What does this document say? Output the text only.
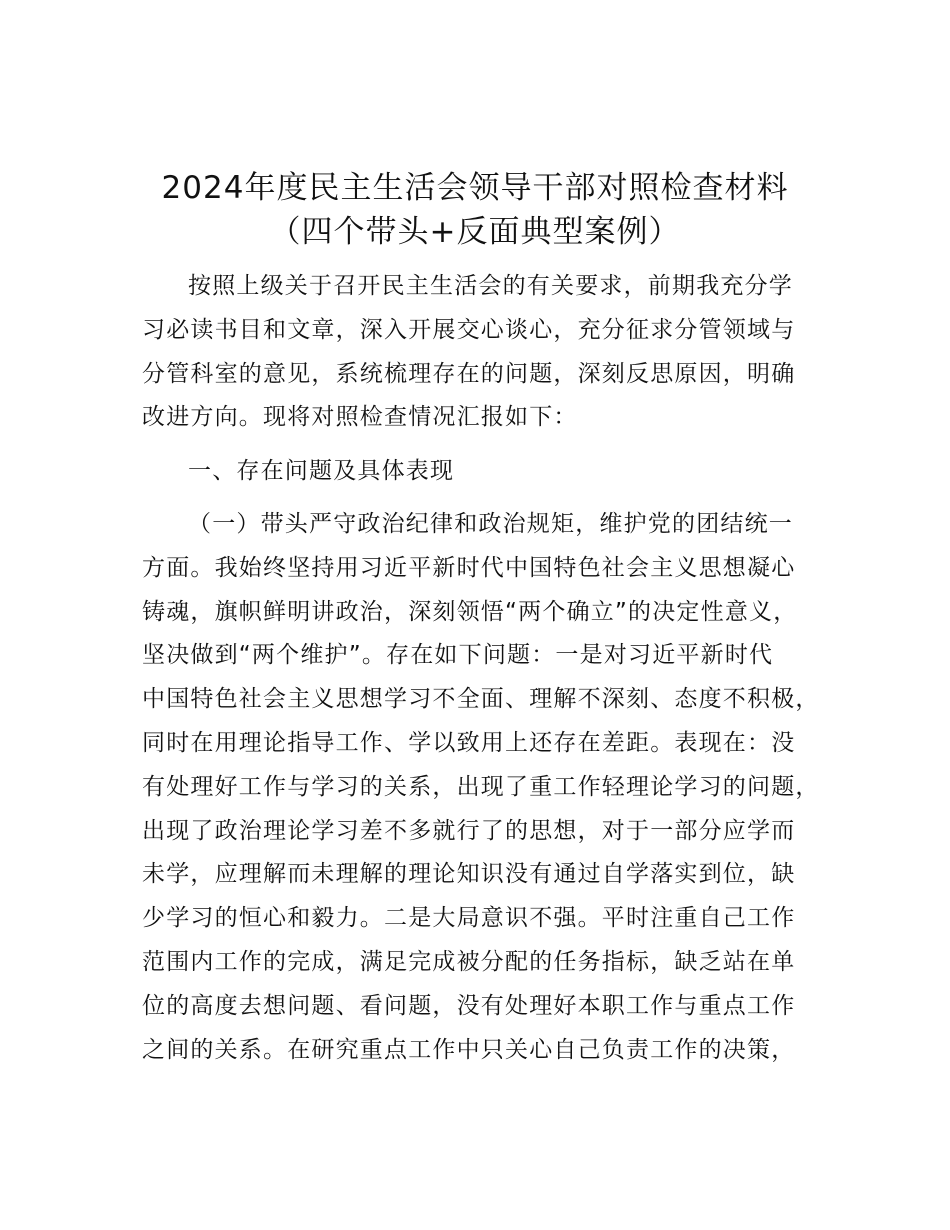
2024年度民主生活会领导干部对照检查材料
（四个带头+反面典型案例）
按照上级关于召开民主生活会的有关要求，前期我充分学
习必读书目和文章，深入开展交心谈心，充分征求分管领域与
分管科室的意见，系统梳理存在的问题，深刻反思原因，明确
改进方向。现将对照检查情况汇报如下：
一、存在问题及具体表现
（一）带头严守政治纪律和政治规矩，维护党的团结统一
方面。我始终坚持用习近平新时代中国特色社会主义思想凝心
铸魂，旗帜鲜明讲政治，深刻领悟“两个确立”的决定性意义，
坚决做到“两个维护”。存在如下问题：一是对习近平新时代
中国特色社会主义思想学习不全面、理解不深刻、态度不积极，
同时在用理论指导工作、学以致用上还存在差距。表现在：没
有处理好工作与学习的关系，出现了重工作轻理论学习的问题，
出现了政治理论学习差不多就行了的思想，对于一部分应学而
未学，应理解而未理解的理论知识没有通过自学落实到位，缺
少学习的恒心和毅力。二是大局意识不强。平时注重自己工作
范围内工作的完成，满足完成被分配的任务指标，缺乏站在单
位的高度去想问题、看问题，没有处理好本职工作与重点工作
之间的关系。在研究重点工作中只关心自己负责工作的决策，
